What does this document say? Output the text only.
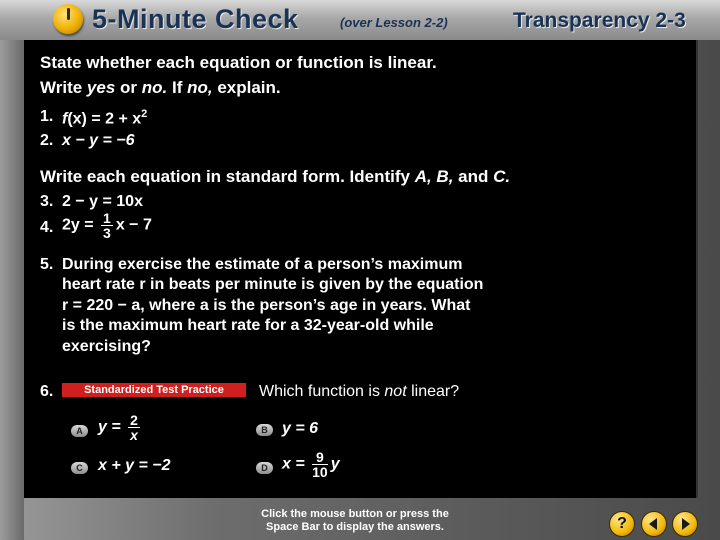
5-Minute Check	(over Lesson 2-2)	Transparency 2-3
State whether each equation or function is linear.
Write yes or no. If no, explain.
1. $f(x) = 2 + x^2$
2. x − y = −6
Write each equation in standard form. Identify A, B, and C.
3. 2 − y = 10x
4. $2y = \frac{1}{3}$ x − 7
5. During exercise the estimate of a person’s maximum
heart rate r in beats per minute is given by the equation
r = 220 − a, where a is the person’s age in years. What
is the maximum heart rate for a 32-year-old while
exercising?
6.	Standardized Test Practice	Which function is not linear?
A $y = \frac{2}{x}$	B y = 6
C x + y = −2	D $x = \frac{9}{10}$ y
Click the mouse button or press the
Space Bar to display the answers.	?
